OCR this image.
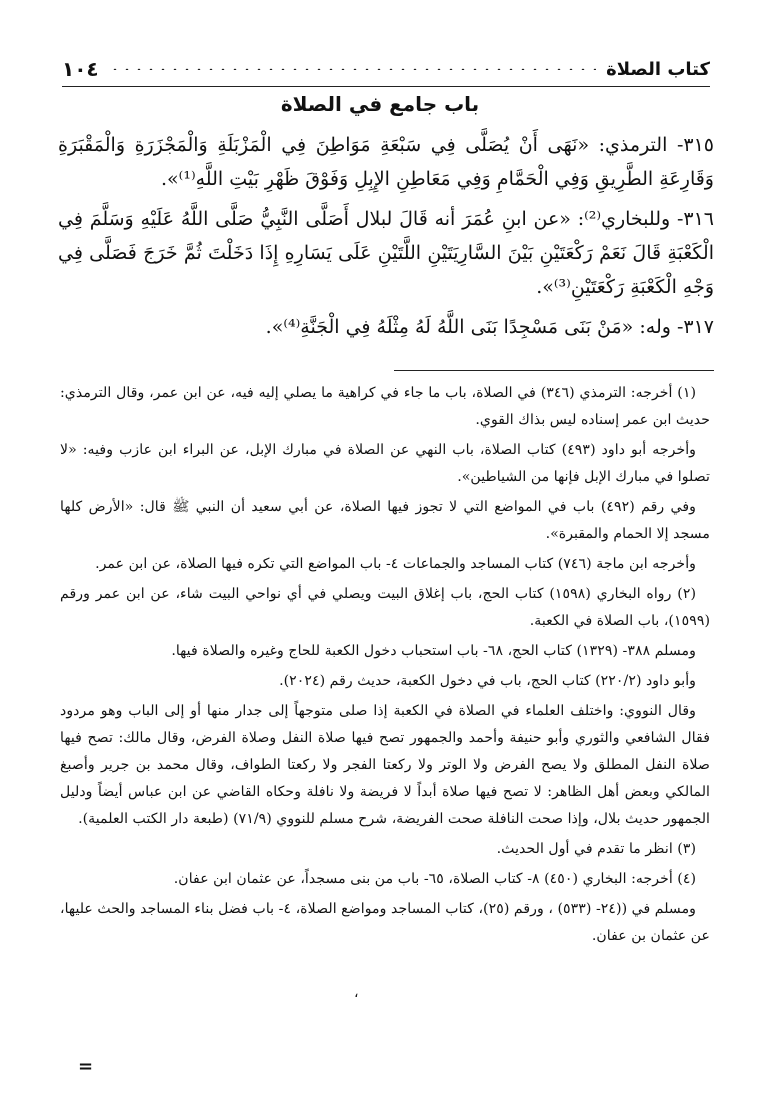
كتاب الصلاة
١٠٤
باب جامع في الصلاة

٣١٥- الترمذي: «نَهَى أَنْ يُصَلَّى فِي سَبْعَةِ مَوَاطِنَ فِي الْمَزْبَلَةِ وَالْمَجْزَرَةِ وَالْمَقْبَرَةِ وَقَارِعَةِ الطَّرِيقِ وَفِي الْحَمَّامِ وَفِي مَعَاطِنِ الإِبِلِ وَفَوْقَ ظَهْرِ بَيْتِ اللَّهِ⁽¹⁾».

٣١٦- وللبخاري⁽²⁾: «عن ابنِ عُمَرَ أنه قَالَ لبلال أَصَلَّى النَّبِيُّ صَلَّى اللَّهُ عَلَيْهِ وَسَلَّمَ فِي الْكَعْبَةِ قَالَ نَعَمْ رَكْعَتَيْنِ بَيْنَ السَّارِيَتَيْنِ اللَّتَيْنِ عَلَى يَسَارِهِ إِذَا دَخَلْتَ ثُمَّ خَرَجَ فَصَلَّى فِي وَجْهِ الْكَعْبَةِ رَكْعَتَيْنِ⁽³⁾».

٣١٧- وله: «مَنْ بَنَى مَسْجِدًا بَنَى اللَّهُ لَهُ مِثْلَهُ فِي الْجَنَّةِ⁽⁴⁾».

(١) أخرجه: الترمذي (٣٤٦) في الصلاة، باب ما جاء في كراهية ما يصلي إليه فيه، عن ابن عمر، وقال الترمذي: حديث ابن عمر إسناده ليس بذاك القوي.

وأخرجه أبو داود (٤٩٣) كتاب الصلاة، باب النهي عن الصلاة في مبارك الإبل، عن البراء ابن عازب وفيه: «لا تصلوا في مبارك الإبل فإنها من الشياطين».

وفي رقم (٤٩٢) باب في المواضع التي لا تجوز فيها الصلاة، عن أبي سعيد أن النبي ﷺ قال: «الأرض كلها مسجد إلا الحمام والمقبرة».

وأخرجه ابن ماجة (٧٤٦) كتاب المساجد والجماعات ٤- باب المواضع التي تكره فيها الصلاة، عن ابن عمر.

(٢) رواه البخاري (١٥٩٨) كتاب الحج، باب إغلاق البيت ويصلي في أي نواحي البيت شاء، عن ابن عمر ورقم (١٥٩٩)، باب الصلاة في الكعبة.

ومسلم ٣٨٨- (١٣٢٩) كتاب الحج، ٦٨- باب استحباب دخول الكعبة للحاج وغيره والصلاة فيها.

وأبو داود (٢٢٠/٢) كتاب الحج، باب في دخول الكعبة، حديث رقم (٢٠٢٤).

وقال النووي: واختلف العلماء في الصلاة في الكعبة إذا صلى متوجهاً إلى جدار منها أو إلى الباب وهو مردود فقال الشافعي والثوري وأبو حنيفة وأحمد والجمهور تصح فيها صلاة النفل وصلاة الفرض، وقال مالك: تصح فيها صلاة النفل المطلق ولا يصح الفرض ولا الوتر ولا ركعتا الفجر ولا ركعتا الطواف، وقال محمد بن جرير وأصبغ المالكي وبعض أهل الظاهر: لا تصح فيها صلاة أبداً لا فريضة ولا نافلة وحكاه القاضي عن ابن عباس أيضاً ودليل الجمهور حديث بلال، وإذا صحت النافلة صحت الفريضة، شرح مسلم للنووي (٧١/٩) (طبعة دار الكتب العلمية).

(٣) انظر ما تقدم في أول الحديث.

(٤) أخرجه: البخاري (٤٥٠) ٨- كتاب الصلاة، ٦٥- باب من بنى مسجداً، عن عثمان ابن عفان.

ومسلم في ((٢٤- (٥٣٣) ، ورقم (٢٥)، كتاب المساجد ومواضع الصلاة، ٤- باب فضل بناء المساجد والحث عليها، عن عثمان بن عفان.

،
=
